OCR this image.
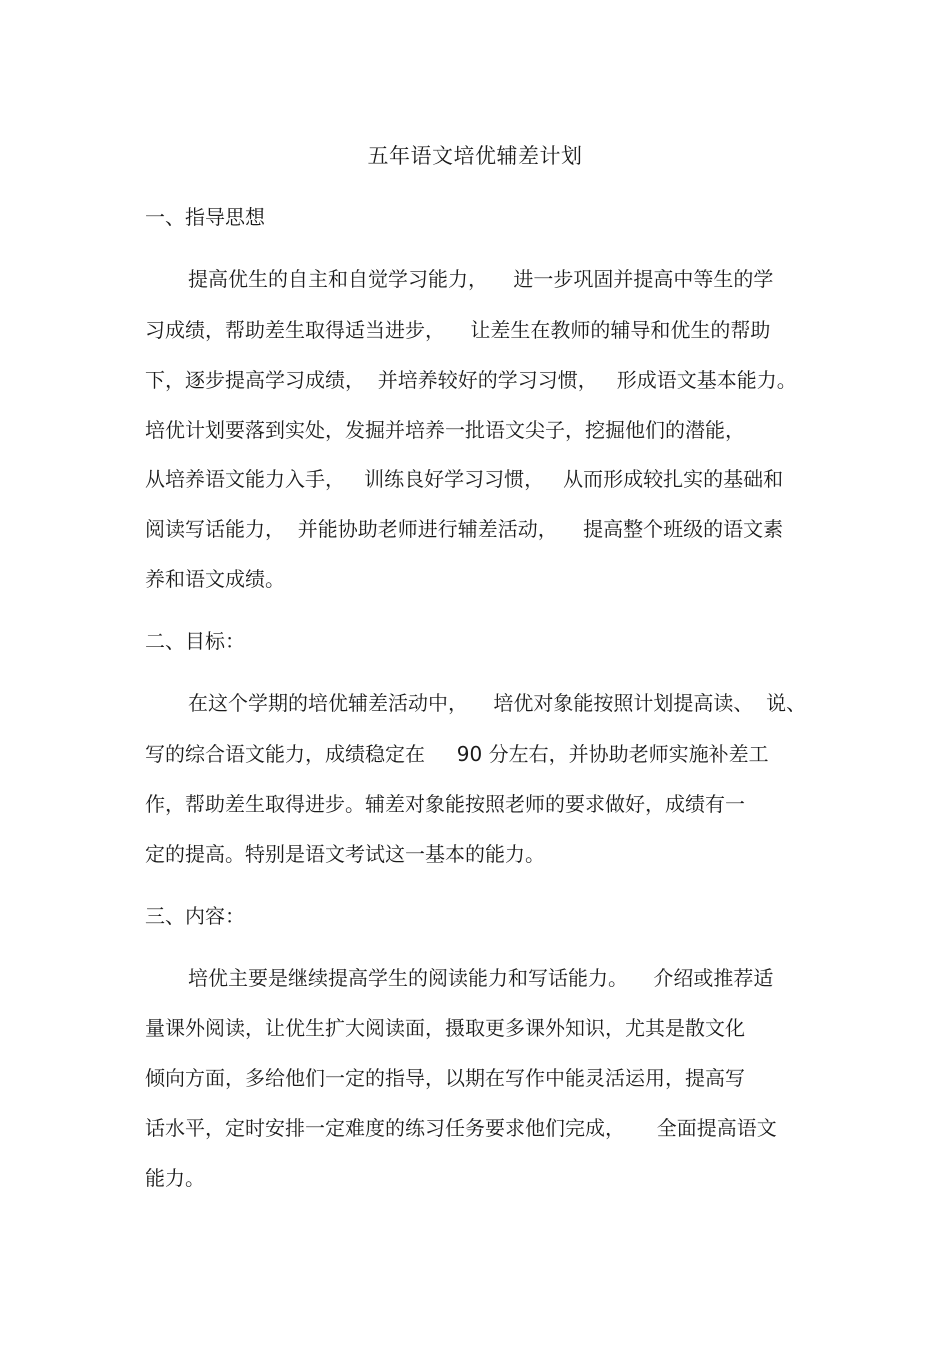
五年语文培优辅差计划
一、指导思想
提高优生的自主和自觉学习能力，    进一步巩固并提高中等生的学
习成绩，帮助差生取得适当进步，    让差生在教师的辅导和优生的帮助
下，逐步提高学习成绩，  并培养较好的学习习惯，   形成语文基本能力。
培优计划要落到实处，发掘并培养一批语文尖子，挖掘他们的潜能，
从培养语文能力入手，   训练良好学习习惯，   从而形成较扎实的基础和
阅读写话能力，  并能协助老师进行辅差活动，    提高整个班级的语文素
养和语文成绩。
二、目标：
在这个学期的培优辅差活动中，    培优对象能按照计划提高读、  说、
写的综合语文能力，成绩稳定在     90 分左右，并协助老师实施补差工
作，帮助差生取得进步。辅差对象能按照老师的要求做好，成绩有一
定的提高。特别是语文考试这一基本的能力。
三、内容：
培优主要是继续提高学生的阅读能力和写话能力。    介绍或推荐适
量课外阅读，让优生扩大阅读面，摄取更多课外知识，尤其是散文化
倾向方面，多给他们一定的指导，以期在写作中能灵活运用，提高写
话水平，定时安排一定难度的练习任务要求他们完成，     全面提高语文
能力。
